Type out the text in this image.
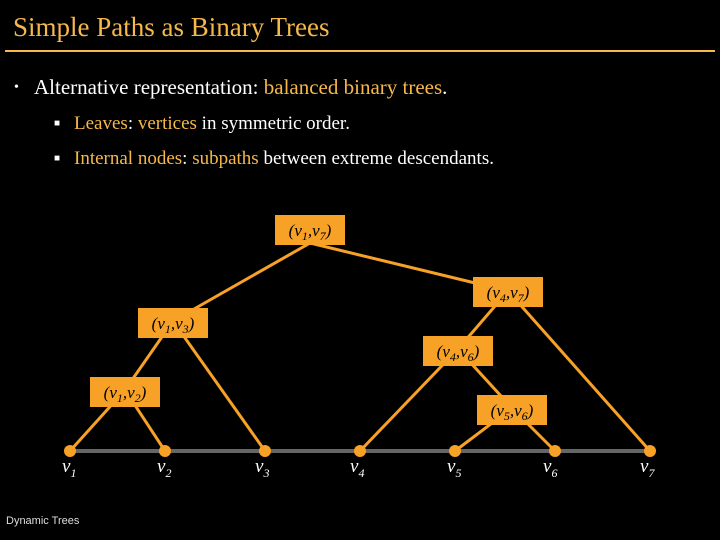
Simple Paths as Binary Trees
• Alternative representation: balanced binary trees.
■ Leaves: vertices in symmetric order.
■ Internal nodes: subpaths between extreme descendants.
$(v_1,v_7)$
$(v_4,v_7)$
$(v_1,v_3)$
$(v_4,v_6)$
$(v_1,v_2)$
$(v_5,v_6)$
$v_1$	$v_2$	$v_3$	$v_4$	$v_5$	$v_6$	$v_7$
Dynamic Trees
